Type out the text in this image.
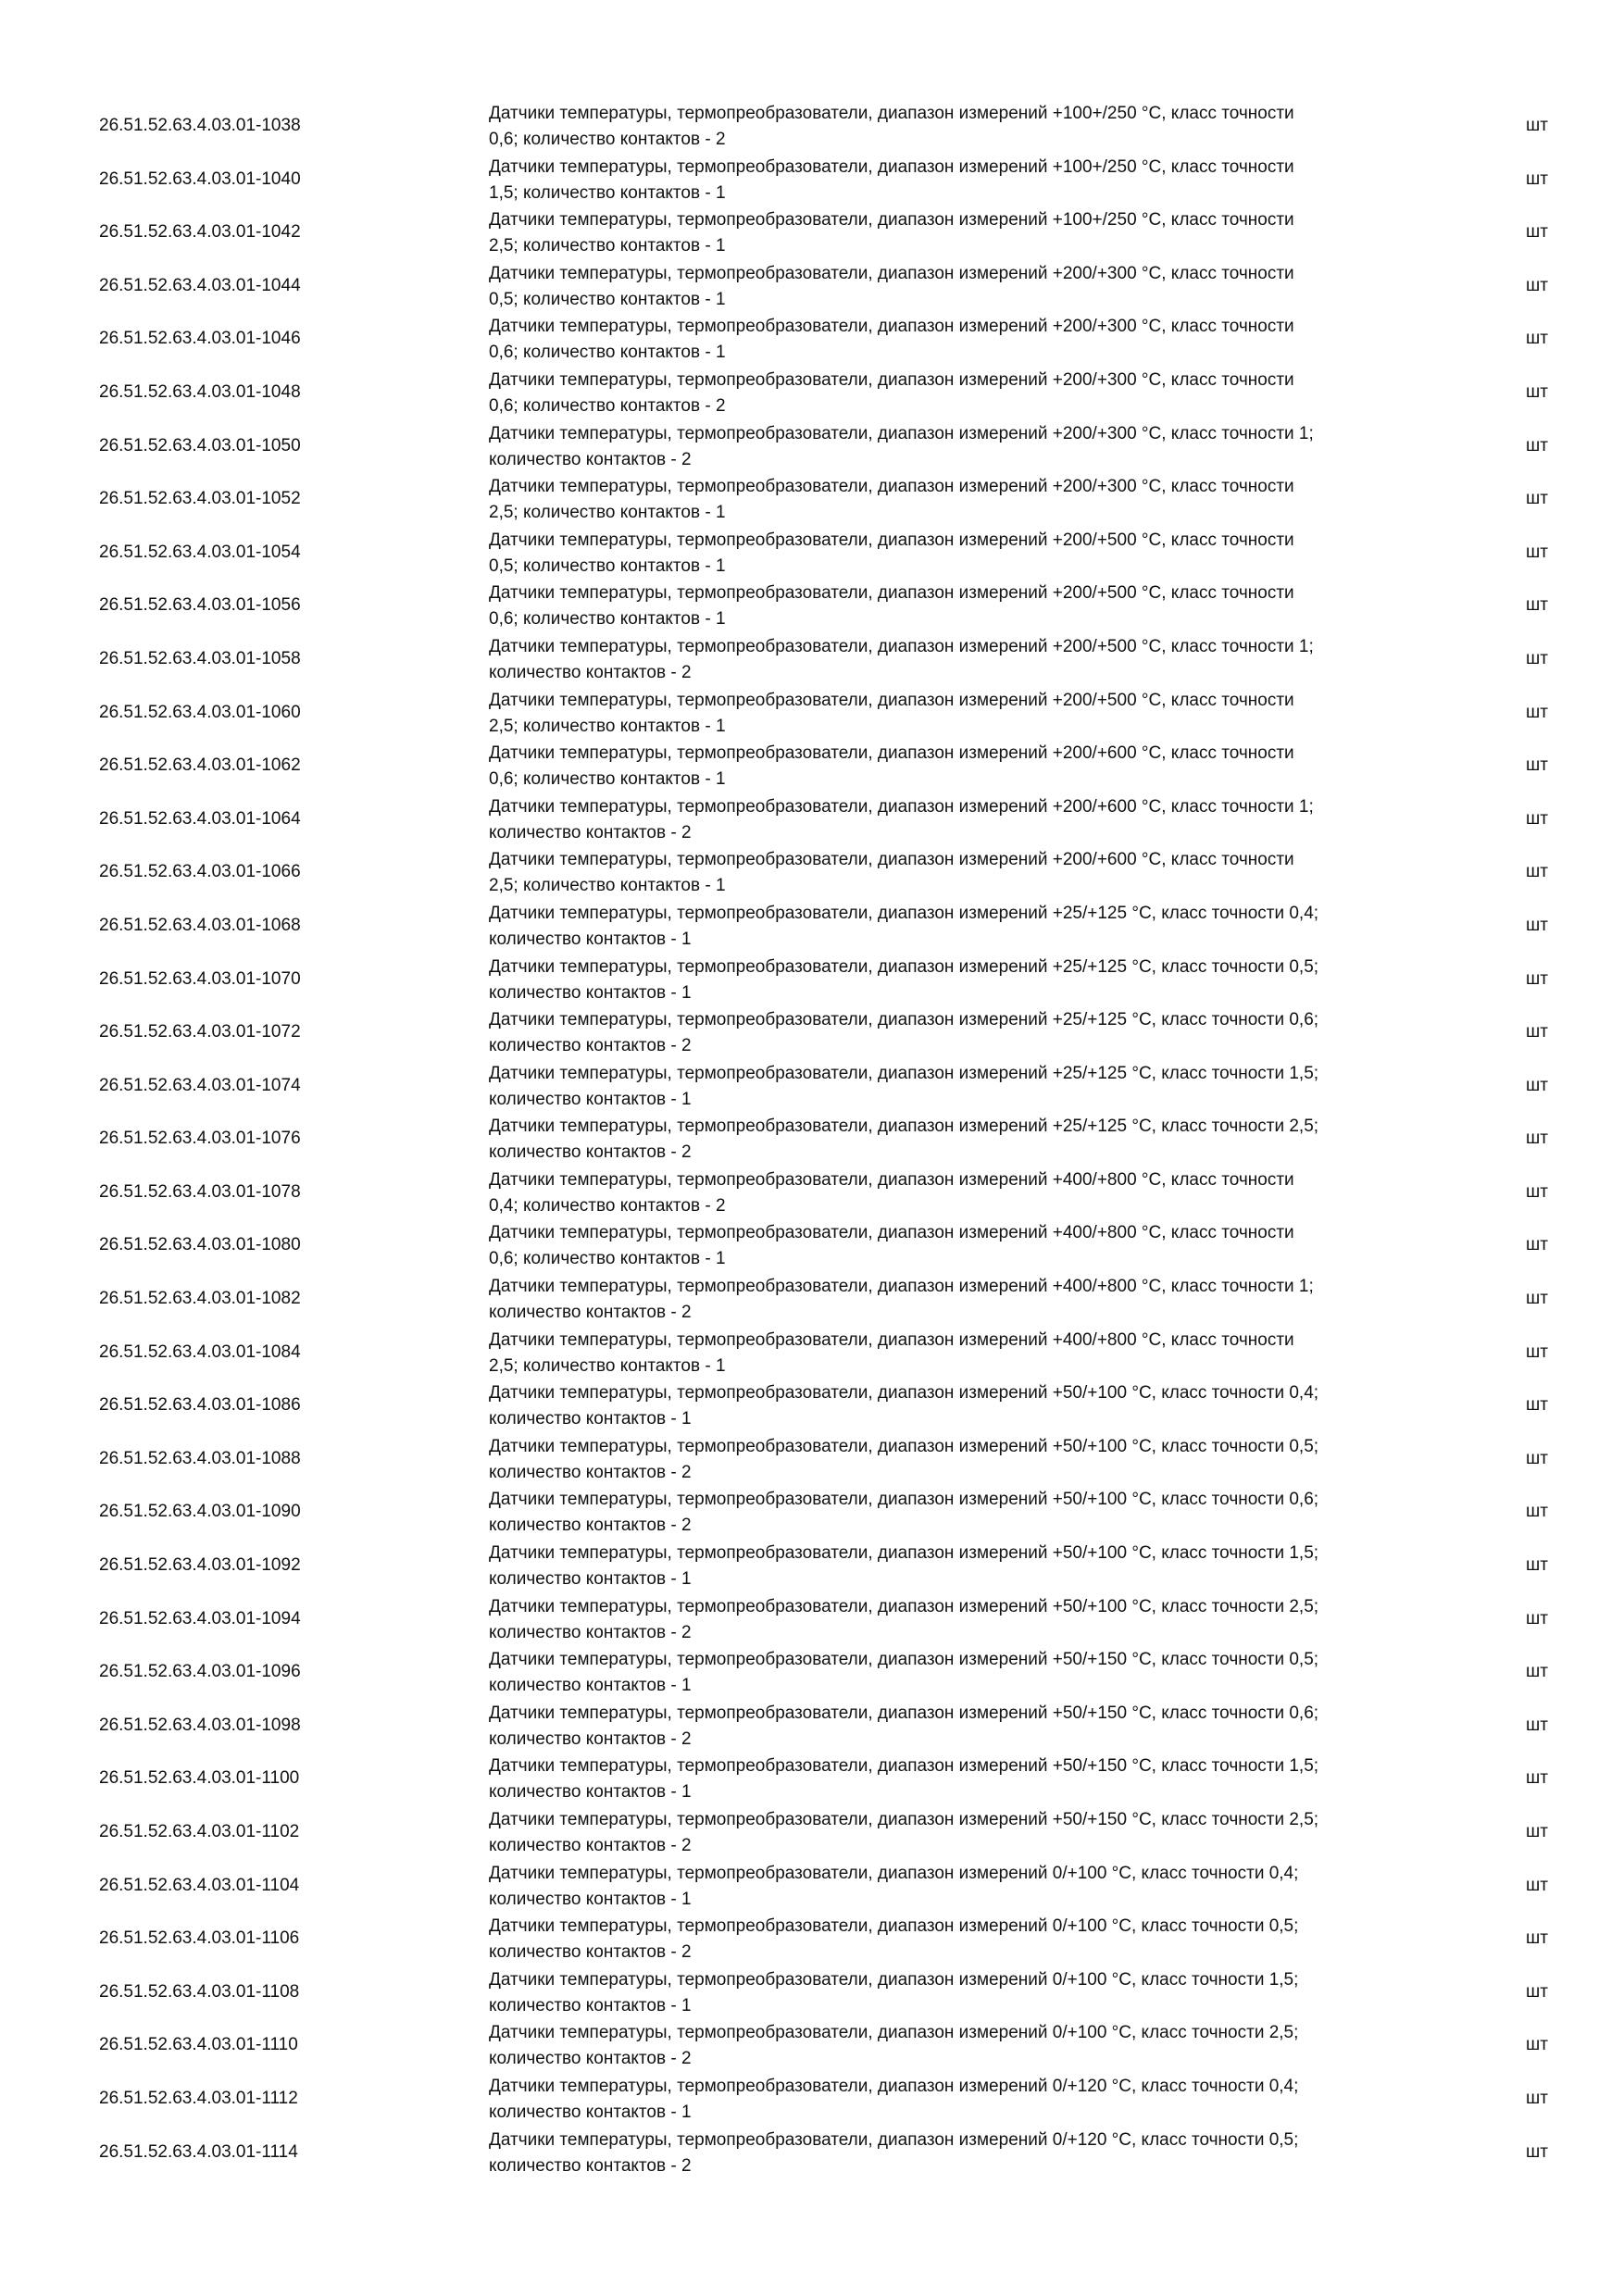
26.51.52.63.4.03.01-1038
Датчики температуры, термопреобразователи, диапазон измерений +100+/250 °С, класс точности
0,6; количество контактов - 2
шт
26.51.52.63.4.03.01-1040
Датчики температуры, термопреобразователи, диапазон измерений +100+/250 °С, класс точности
1,5; количество контактов - 1
шт
26.51.52.63.4.03.01-1042
Датчики температуры, термопреобразователи, диапазон измерений +100+/250 °С, класс точности
2,5; количество контактов - 1
шт
26.51.52.63.4.03.01-1044
Датчики температуры, термопреобразователи, диапазон измерений +200/+300 °С, класс точности
0,5; количество контактов - 1
шт
26.51.52.63.4.03.01-1046
Датчики температуры, термопреобразователи, диапазон измерений +200/+300 °С, класс точности
0,6; количество контактов - 1
шт
26.51.52.63.4.03.01-1048
Датчики температуры, термопреобразователи, диапазон измерений +200/+300 °С, класс точности
0,6; количество контактов - 2
шт
26.51.52.63.4.03.01-1050
Датчики температуры, термопреобразователи, диапазон измерений +200/+300 °С, класс точности 1;
количество контактов - 2
шт
26.51.52.63.4.03.01-1052
Датчики температуры, термопреобразователи, диапазон измерений +200/+300 °С, класс точности
2,5; количество контактов - 1
шт
26.51.52.63.4.03.01-1054
Датчики температуры, термопреобразователи, диапазон измерений +200/+500 °С, класс точности
0,5; количество контактов - 1
шт
26.51.52.63.4.03.01-1056
Датчики температуры, термопреобразователи, диапазон измерений +200/+500 °С, класс точности
0,6; количество контактов - 1
шт
26.51.52.63.4.03.01-1058
Датчики температуры, термопреобразователи, диапазон измерений +200/+500 °С, класс точности 1;
количество контактов - 2
шт
26.51.52.63.4.03.01-1060
Датчики температуры, термопреобразователи, диапазон измерений +200/+500 °С, класс точности
2,5; количество контактов - 1
шт
26.51.52.63.4.03.01-1062
Датчики температуры, термопреобразователи, диапазон измерений +200/+600 °С, класс точности
0,6; количество контактов - 1
шт
26.51.52.63.4.03.01-1064
Датчики температуры, термопреобразователи, диапазон измерений +200/+600 °С, класс точности 1;
количество контактов - 2
шт
26.51.52.63.4.03.01-1066
Датчики температуры, термопреобразователи, диапазон измерений +200/+600 °С, класс точности
2,5; количество контактов - 1
шт
26.51.52.63.4.03.01-1068
Датчики температуры, термопреобразователи, диапазон измерений +25/+125 °С, класс точности 0,4;
количество контактов - 1
шт
26.51.52.63.4.03.01-1070
Датчики температуры, термопреобразователи, диапазон измерений +25/+125 °С, класс точности 0,5;
количество контактов - 1
шт
26.51.52.63.4.03.01-1072
Датчики температуры, термопреобразователи, диапазон измерений +25/+125 °С, класс точности 0,6;
количество контактов - 2
шт
26.51.52.63.4.03.01-1074
Датчики температуры, термопреобразователи, диапазон измерений +25/+125 °С, класс точности 1,5;
количество контактов - 1
шт
26.51.52.63.4.03.01-1076
Датчики температуры, термопреобразователи, диапазон измерений +25/+125 °С, класс точности 2,5;
количество контактов - 2
шт
26.51.52.63.4.03.01-1078
Датчики температуры, термопреобразователи, диапазон измерений +400/+800 °С, класс точности
0,4; количество контактов - 2
шт
26.51.52.63.4.03.01-1080
Датчики температуры, термопреобразователи, диапазон измерений +400/+800 °С, класс точности
0,6; количество контактов - 1
шт
26.51.52.63.4.03.01-1082
Датчики температуры, термопреобразователи, диапазон измерений +400/+800 °С, класс точности 1;
количество контактов - 2
шт
26.51.52.63.4.03.01-1084
Датчики температуры, термопреобразователи, диапазон измерений +400/+800 °С, класс точности
2,5; количество контактов - 1
шт
26.51.52.63.4.03.01-1086
Датчики температуры, термопреобразователи, диапазон измерений +50/+100 °С, класс точности 0,4;
количество контактов - 1
шт
26.51.52.63.4.03.01-1088
Датчики температуры, термопреобразователи, диапазон измерений +50/+100 °С, класс точности 0,5;
количество контактов - 2
шт
26.51.52.63.4.03.01-1090
Датчики температуры, термопреобразователи, диапазон измерений +50/+100 °С, класс точности 0,6;
количество контактов - 2
шт
26.51.52.63.4.03.01-1092
Датчики температуры, термопреобразователи, диапазон измерений +50/+100 °С, класс точности 1,5;
количество контактов - 1
шт
26.51.52.63.4.03.01-1094
Датчики температуры, термопреобразователи, диапазон измерений +50/+100 °С, класс точности 2,5;
количество контактов - 2
шт
26.51.52.63.4.03.01-1096
Датчики температуры, термопреобразователи, диапазон измерений +50/+150 °С, класс точности 0,5;
количество контактов - 1
шт
26.51.52.63.4.03.01-1098
Датчики температуры, термопреобразователи, диапазон измерений +50/+150 °С, класс точности 0,6;
количество контактов - 2
шт
26.51.52.63.4.03.01-1100
Датчики температуры, термопреобразователи, диапазон измерений +50/+150 °С, класс точности 1,5;
количество контактов - 1
шт
26.51.52.63.4.03.01-1102
Датчики температуры, термопреобразователи, диапазон измерений +50/+150 °С, класс точности 2,5;
количество контактов - 2
шт
26.51.52.63.4.03.01-1104
Датчики температуры, термопреобразователи, диапазон измерений 0/+100 °С, класс точности 0,4;
количество контактов - 1
шт
26.51.52.63.4.03.01-1106
Датчики температуры, термопреобразователи, диапазон измерений 0/+100 °С, класс точности 0,5;
количество контактов - 2
шт
26.51.52.63.4.03.01-1108
Датчики температуры, термопреобразователи, диапазон измерений 0/+100 °С, класс точности 1,5;
количество контактов - 1
шт
26.51.52.63.4.03.01-1110
Датчики температуры, термопреобразователи, диапазон измерений 0/+100 °С, класс точности 2,5;
количество контактов - 2
шт
26.51.52.63.4.03.01-1112
Датчики температуры, термопреобразователи, диапазон измерений 0/+120 °С, класс точности 0,4;
количество контактов - 1
шт
26.51.52.63.4.03.01-1114
Датчики температуры, термопреобразователи, диапазон измерений 0/+120 °С, класс точности 0,5;
количество контактов - 2
шт
